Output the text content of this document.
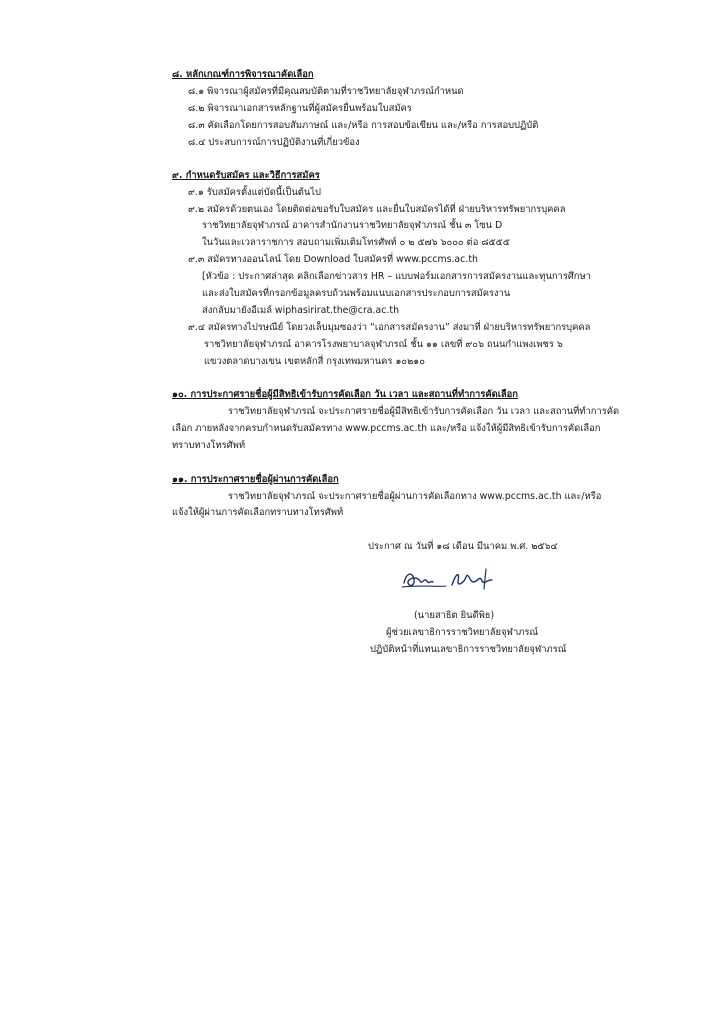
๘. หลักเกณฑ์การพิจารณาคัดเลือก
๘.๑ พิจารณาผู้สมัครที่มีคุณสมบัติตามที่ราชวิทยาลัยจุฬาภรณ์กำหนด
๘.๒ พิจารณาเอกสารหลักฐานที่ผู้สมัครยื่นพร้อมใบสมัคร
๘.๓ คัดเลือกโดยการสอบสัมภาษณ์ และ/หรือ การสอบข้อเขียน และ/หรือ การสอบปฏิบัติ
๘.๔ ประสบการณ์การปฏิบัติงานที่เกี่ยวข้อง
๙. กำหนดรับสมัคร และวิธีการสมัคร
๙.๑ รับสมัครตั้งแต่บัดนี้เป็นต้นไป
๙.๒ สมัครด้วยตนเอง โดยติดต่อขอรับใบสมัคร และยื่นใบสมัครได้ที่ ฝ่ายบริหารทรัพยากรบุคคล
ราชวิทยาลัยจุฬาภรณ์ อาคารสำนักงานราชวิทยาลัยจุฬาภรณ์ ชั้น ๓ โซน D
ในวันและเวลาราชการ สอบถามเพิ่มเติมโทรศัพท์ ๐ ๒ ๕๗๖ ๖๐๐๐ ต่อ ๘๕๕๕
๙.๓ สมัครทางออนไลน์ โดย Download ใบสมัครที่ www.pccms.ac.th
[หัวข้อ : ประกาศล่าสุด คลิกเลือกข่าวสาร HR – แบบฟอร์มเอกสารการสมัครงานและทุนการศึกษา
และส่งใบสมัครที่กรอกข้อมูลครบถ้วนพร้อมแนบเอกสารประกอบการสมัครงาน
ส่งกลับมายังอีเมล์ wiphasirirat.the@cra.ac.th
๙.๔ สมัครทางไปรษณีย์ โดยวงเล็บมุมซองว่า “เอกสารสมัครงาน” ส่งมาที่ ฝ่ายบริหารทรัพยากรบุคคล
ราชวิทยาลัยจุฬาภรณ์ อาคารโรงพยาบาลจุฬาภรณ์ ชั้น ๑๑ เลขที่ ๙๐๖ ถนนกำแพงเพชร ๖
แขวงตลาดบางเขน เขตหลักสี่ กรุงเทพมหานคร ๑๐๒๑๐
๑๐. การประกาศรายชื่อผู้มีสิทธิเข้ารับการคัดเลือก วัน เวลา และสถานที่ทำการคัดเลือก
ราชวิทยาลัยจุฬาภรณ์ จะประกาศรายชื่อผู้มีสิทธิเข้ารับการคัดเลือก วัน เวลา และสถานที่ทำการคัด
เลือก ภายหลังจากครบกำหนดรับสมัครทาง www.pccms.ac.th และ/หรือ แจ้งให้ผู้มีสิทธิเข้ารับการคัดเลือก
ทราบทางโทรศัพท์
๑๑. การประกาศรายชื่อผู้ผ่านการคัดเลือก
ราชวิทยาลัยจุฬาภรณ์ จะประกาศรายชื่อผู้ผ่านการคัดเลือกทาง www.pccms.ac.th และ/หรือ
แจ้งให้ผู้ผ่านการคัดเลือกทราบทางโทรศัพท์
ประกาศ ณ วันที่ ๑๘ เดือน มีนาคม พ.ศ. ๒๕๖๔
(นายสาธิต ยินดีพิธ)
ผู้ช่วยเลขาธิการราชวิทยาลัยจุฬาภรณ์
ปฏิบัติหน้าที่แทนเลขาธิการราชวิทยาลัยจุฬาภรณ์
